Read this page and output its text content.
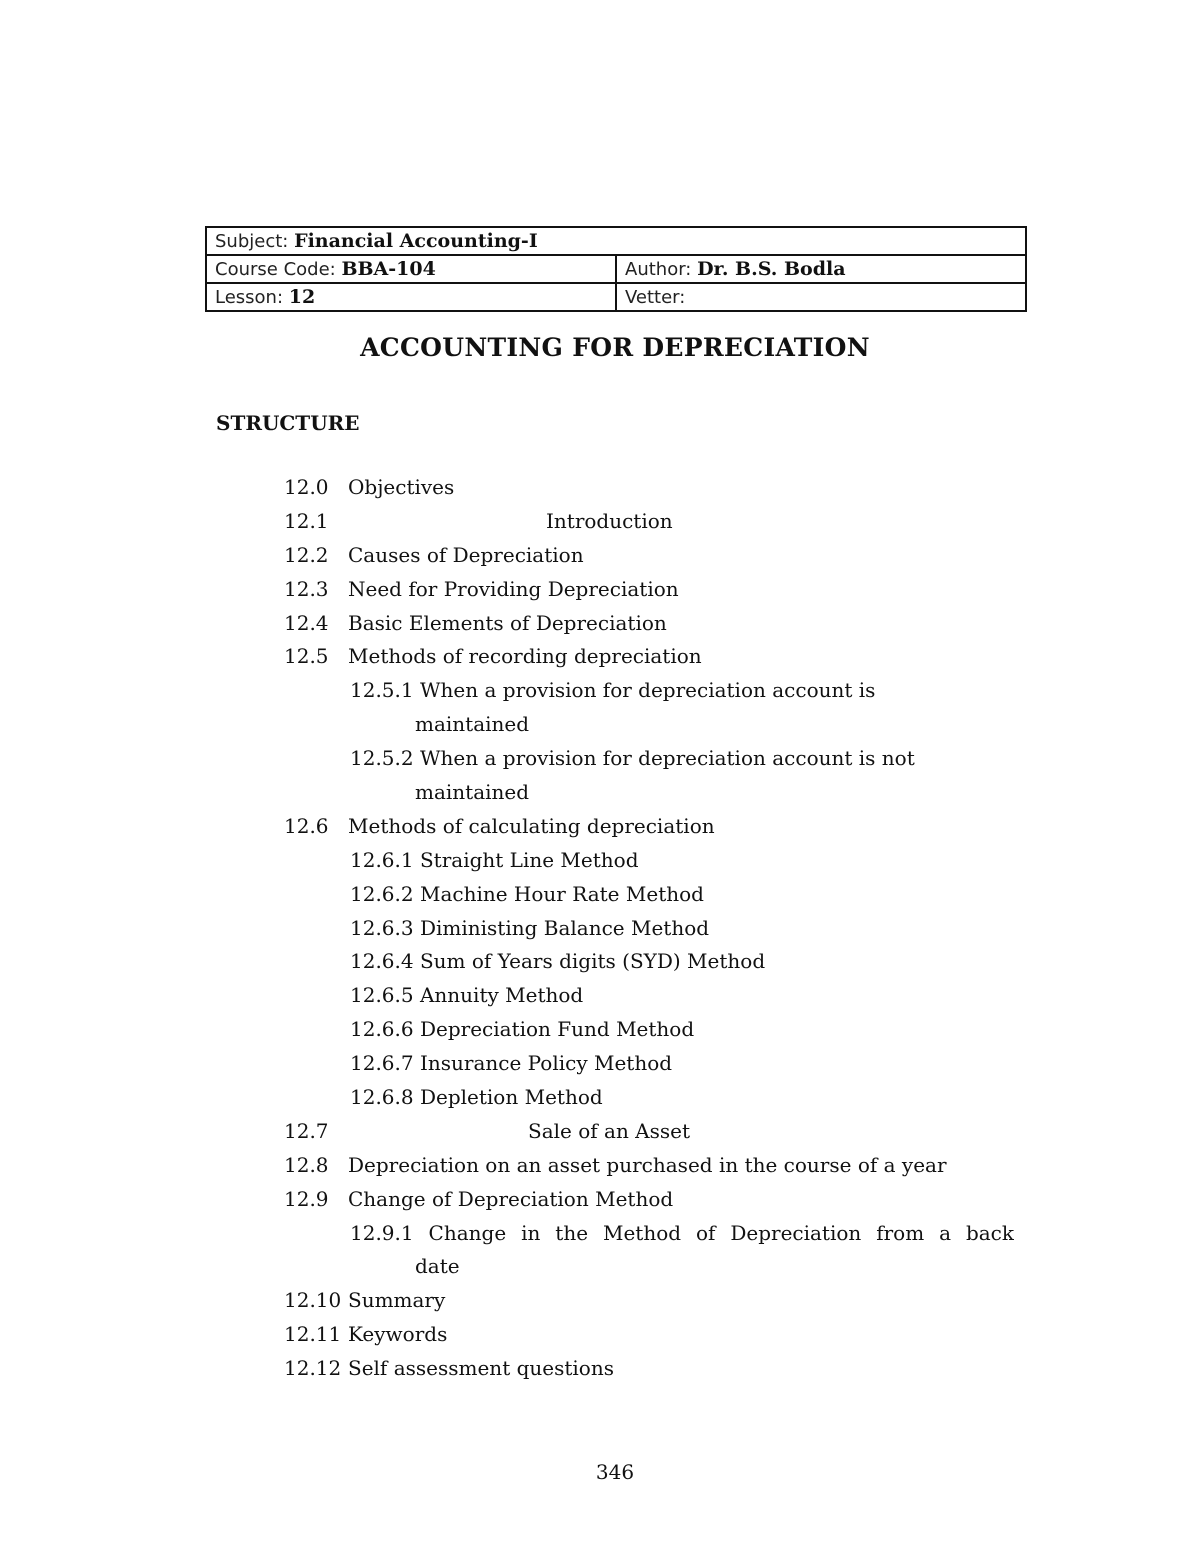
Subject: Financial Accounting-I	
Course Code: BBA-104	Author: Dr. B.S. Bodla
Lesson: 12	Vetter:
ACCOUNTING FOR DEPRECIATION
STRUCTURE
12.0 Objectives
12.1	Introduction
12.2 Causes of Depreciation
12.3 Need for Providing Depreciation
12.4 Basic Elements of Depreciation
12.5 Methods of recording depreciation
12.5.1 When a provision for depreciation account is
maintained
12.5.2 When a provision for depreciation account is not
maintained
12.6 Methods of calculating depreciation
12.6.1 Straight Line Method
12.6.2 Machine Hour Rate Method
12.6.3 Diministing Balance Method
12.6.4 Sum of Years digits (SYD) Method
12.6.5 Annuity Method
12.6.6 Depreciation Fund Method
12.6.7 Insurance Policy Method
12.6.8 Depletion Method
12.7	Sale of an Asset
12.8 Depreciation on an asset purchased in the course of a year
12.9 Change of Depreciation Method
12.9.1 Change in the Method of Depreciation from a back
date
12.10 Summary
12.11 Keywords
12.12 Self assessment questions
346
